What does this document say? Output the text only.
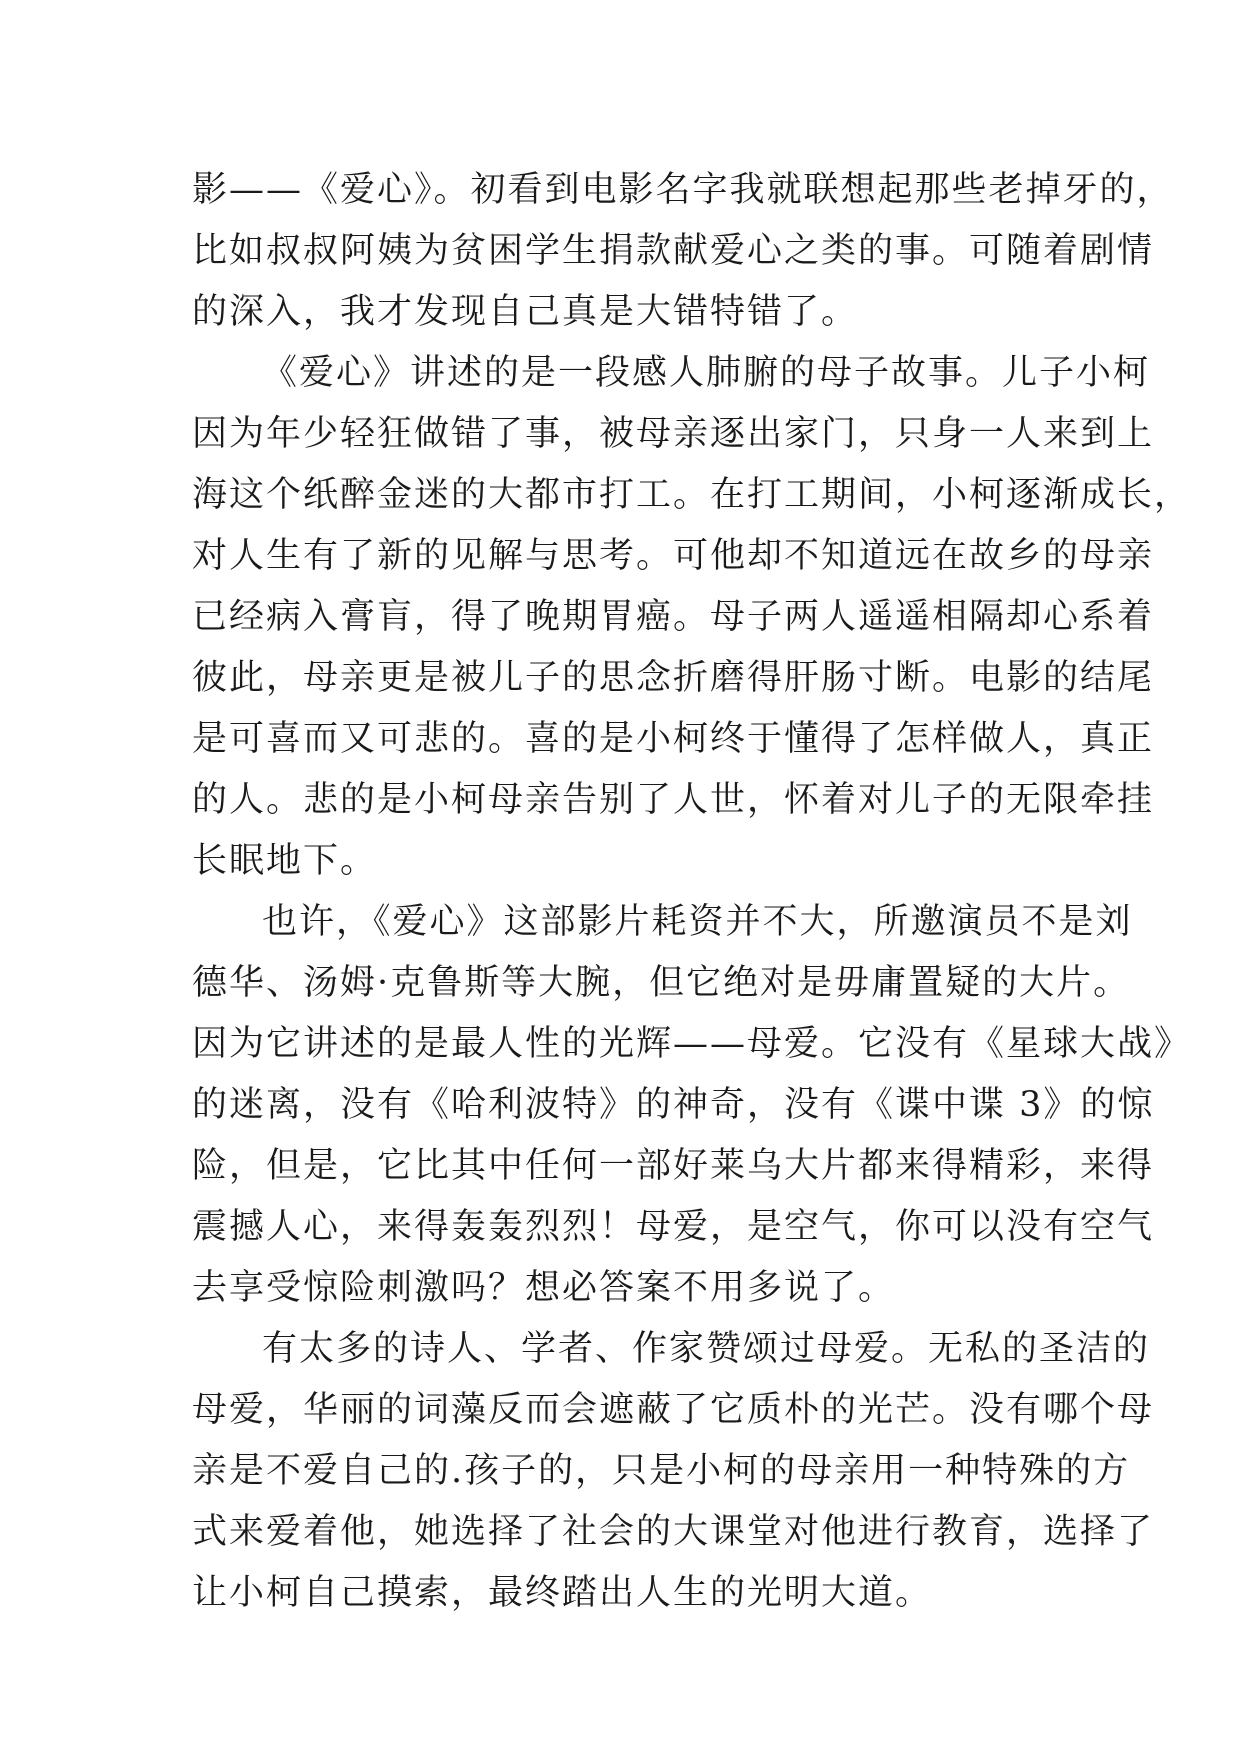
影——《爱心》。初看到电影名字我就联想起那些老掉牙的，
比如叔叔阿姨为贫困学生捐款献爱心之类的事。可随着剧情
的深入，我才发现自己真是大错特错了。
《爱心》讲述的是一段感人肺腑的母子故事。儿子小柯
因为年少轻狂做错了事，被母亲逐出家门，只身一人来到上
海这个纸醉金迷的大都市打工。在打工期间，小柯逐渐成长，
对人生有了新的见解与思考。可他却不知道远在故乡的母亲
已经病入膏肓，得了晚期胃癌。母子两人遥遥相隔却心系着
彼此，母亲更是被儿子的思念折磨得肝肠寸断。电影的结尾
是可喜而又可悲的。喜的是小柯终于懂得了怎样做人，真正
的人。悲的是小柯母亲告别了人世，怀着对儿子的无限牵挂
长眠地下。
也许，《爱心》这部影片耗资并不大，所邀演员不是刘
德华、汤姆·克鲁斯等大腕，但它绝对是毋庸置疑的大片。
因为它讲述的是最人性的光辉——母爱。它没有《星球大战》
的迷离，没有《哈利波特》的神奇，没有《谍中谍 3》的惊
险，但是，它比其中任何一部好莱乌大片都来得精彩，来得
震撼人心，来得轰轰烈烈！母爱，是空气，你可以没有空气
去享受惊险刺激吗？想必答案不用多说了。
有太多的诗人、学者、作家赞颂过母爱。无私的圣洁的
母爱，华丽的词藻反而会遮蔽了它质朴的光芒。没有哪个母
亲是不爱自己的.孩子的，只是小柯的母亲用一种特殊的方
式来爱着他，她选择了社会的大课堂对他进行教育，选择了
让小柯自己摸索，最终踏出人生的光明大道。
